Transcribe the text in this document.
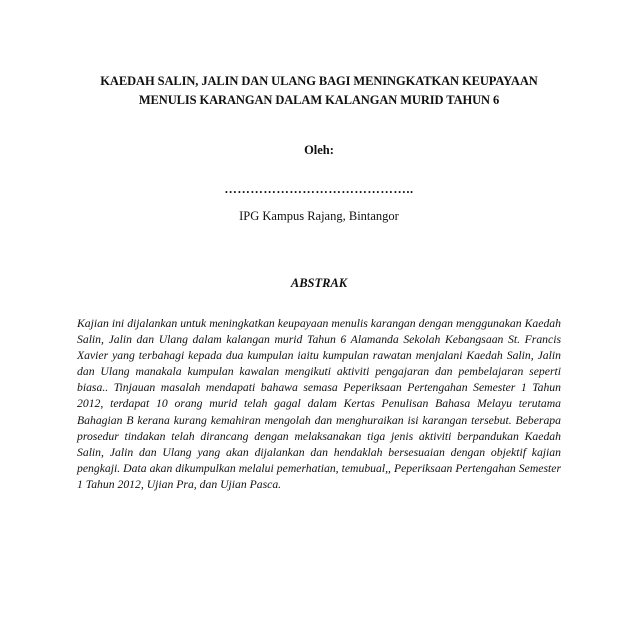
KAEDAH SALIN, JALIN DAN ULANG BAGI MENINGKATKAN KEUPAYAAN
MENULIS KARANGAN DALAM KALANGAN MURID TAHUN 6
Oleh:
……………………………………..
IPG Kampus Rajang, Bintangor
ABSTRAK

Kajian ini dijalankan untuk meningkatkan keupayaan menulis karangan dengan menggunakan Kaedah Salin, Jalin dan Ulang dalam kalangan murid Tahun 6 Alamanda Sekolah Kebangsaan St. Francis Xavier yang terbahagi kepada dua kumpulan iaitu kumpulan rawatan menjalani Kaedah Salin, Jalin dan Ulang manakala kumpulan kawalan mengikuti aktiviti pengajaran dan pembelajaran seperti biasa.. Tinjauan masalah mendapati bahawa semasa Peperiksaan Pertengahan Semester 1 Tahun 2012, terdapat 10 orang murid telah gagal dalam Kertas Penulisan Bahasa Melayu terutama Bahagian B kerana kurang kemahiran mengolah dan menghuraikan isi karangan tersebut. Beberapa prosedur tindakan telah dirancang dengan melaksanakan tiga jenis aktiviti berpandukan Kaedah Salin, Jalin dan Ulang yang akan dijalankan dan hendaklah bersesuaian dengan objektif kajian pengkaji. Data akan dikumpulkan melalui pemerhatian, temubual,, Peperiksaan Pertengahan Semester 1 Tahun 2012, Ujian Pra, dan Ujian Pasca.
